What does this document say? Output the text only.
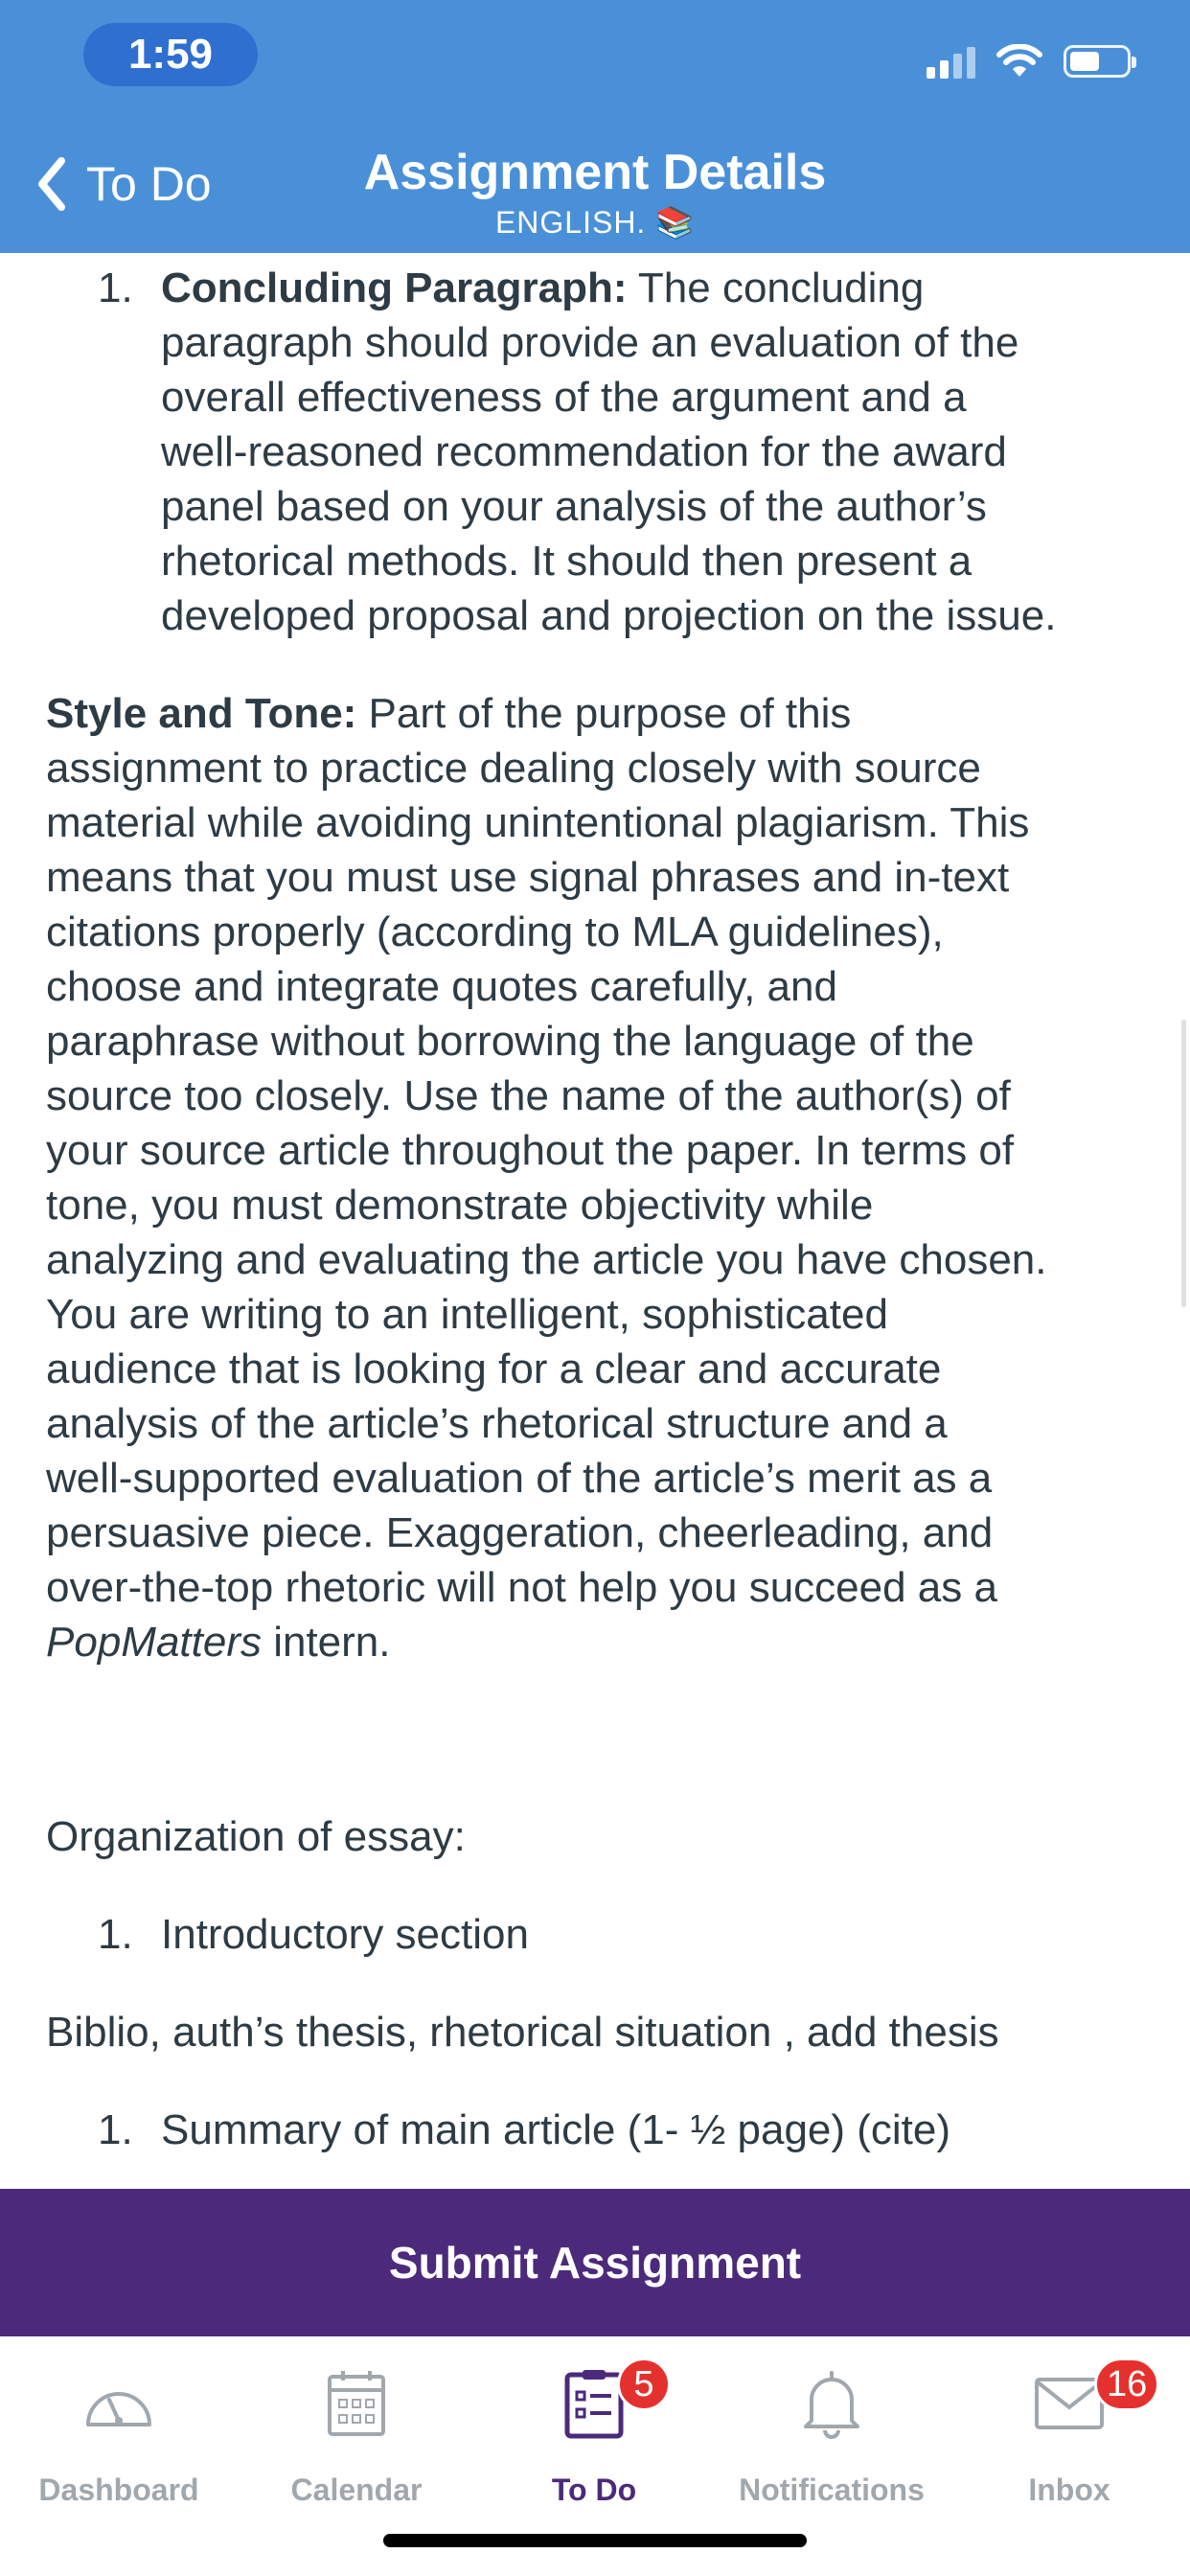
1:59
To Do	Assignment Details
ENGLISH. 📚
1. Concluding Paragraph: The concluding
paragraph should provide an evaluation of the
overall effectiveness of the argument and a
well-reasoned recommendation for the award
panel based on your analysis of the author’s
rhetorical methods. It should then present a
developed proposal and projection on the issue.

Style and Tone: Part of the purpose of this
assignment to practice dealing closely with source
material while avoiding unintentional plagiarism. This
means that you must use signal phrases and in-text
citations properly (according to MLA guidelines),
choose and integrate quotes carefully, and
paraphrase without borrowing the language of the
source too closely. Use the name of the author(s) of
your source article throughout the paper. In terms of
tone, you must demonstrate objectivity while
analyzing and evaluating the article you have chosen.
You are writing to an intelligent, sophisticated
audience that is looking for a clear and accurate
analysis of the article’s rhetorical structure and a
well-supported evaluation of the article’s merit as a
persuasive piece. Exaggeration, cheerleading, and
over-the-top rhetoric will not help you succeed as a
PopMatters intern.

Organization of essay:
1. Introductory section
Biblio, auth’s thesis, rhetorical situation , add thesis
1. Summary of main article (1- ½ page) (cite)
Submit Assignment
Dashboard	Calendar
5
To Do	Notifications
16
Inbox
